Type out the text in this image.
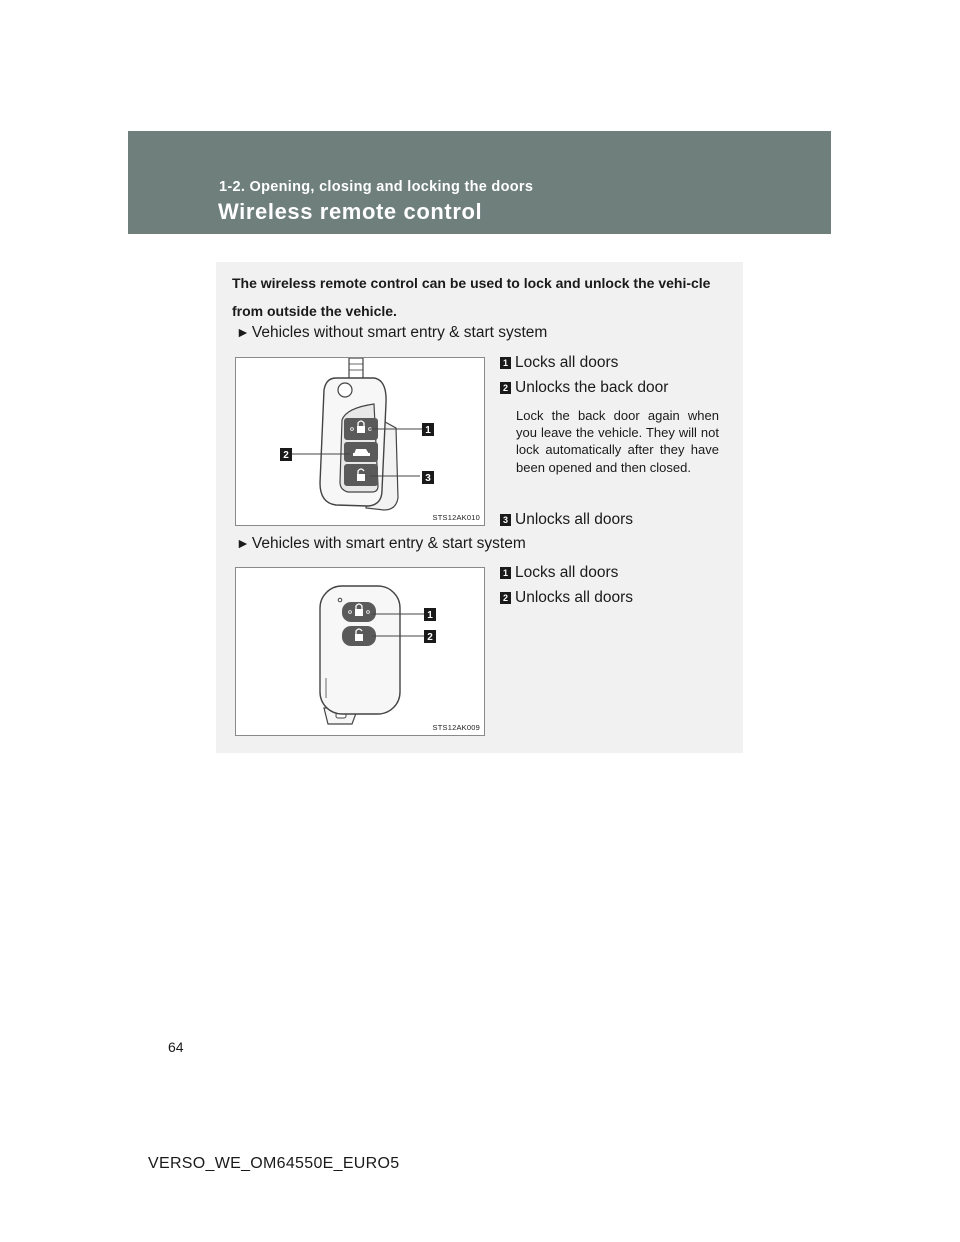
1-2. Opening, closing and locking the doors
Wireless remote control
The wireless remote control can be used to lock and unlock the vehi-cle from outside the vehicle.
► Vehicles without smart entry & start system
1
2
3
STS12AK010
1 Locks all doors
2 Unlocks the back door
Lock the back door again when you leave the vehicle. They will not lock automatically after they have been opened and then closed.
3 Unlocks all doors
► Vehicles with smart entry & start system
1
2
STS12AK009
1 Locks all doors
2 Unlocks all doors
64
VERSO_WE_OM64550E_EURO5
